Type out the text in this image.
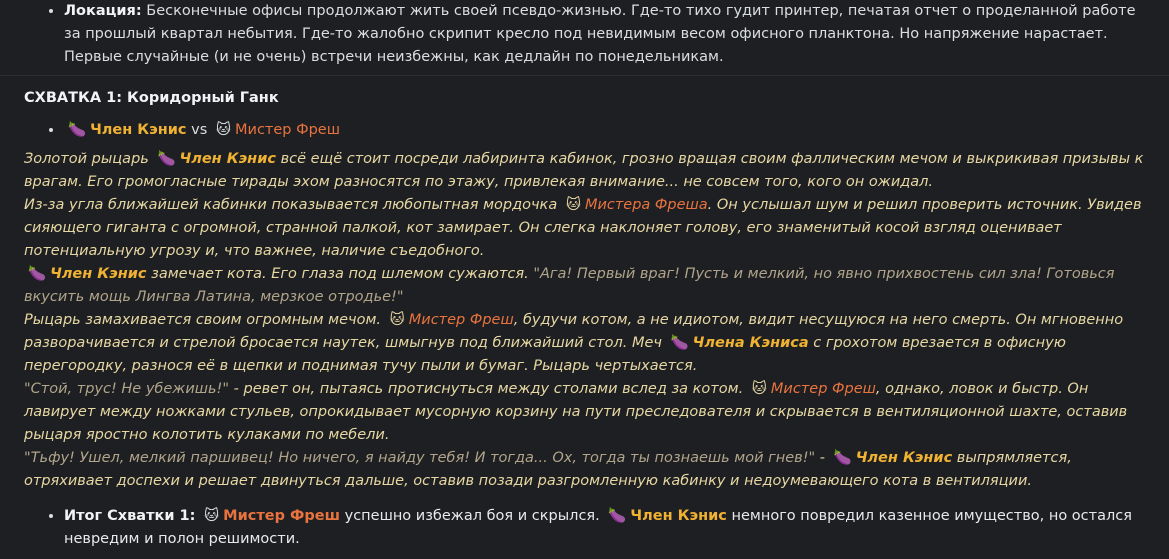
• Локация: Бесконечные офисы продолжают жить своей псевдо-жизнью. Где-то тихо гудит принтер, печатая отчет о проделанной работе за прошлый квартал небытия. Где-то жалобно скрипит кресло под невидимым весом офисного планктона. Но напряжение нарастает. Первые случайные (и не очень) встречи неизбежны, как дедлайн по понедельникам.
СХВАТКА 1: Коридорный Ганк
• 🍆 Член Кэнис vs 🐱 Мистер Фреш
Золотой рыцарь 🍆 Член Кэнис всё ещё стоит посреди лабиринта кабинок, грозно вращая своим фаллическим мечом и выкрикивая призывы к врагам. Его громогласные тирады эхом разносятся по этажу, привлекая внимание... не совсем того, кого он ожидал.
Из-за угла ближайшей кабинки показывается любопытная мордочка 🐱 Мистера Фреша. Он услышал шум и решил проверить источник. Увидев сияющего гиганта с огромной, странной палкой, кот замирает. Он слегка наклоняет голову, его знаменитый косой взгляд оценивает потенциальную угрозу и, что важнее, наличие съедобного.
🍆 Член Кэнис замечает кота. Его глаза под шлемом сужаются. "Ага! Первый враг! Пусть и мелкий, но явно прихвостень сил зла! Готовься вкусить мощь Лингва Латина, мерзкое отродье!"
Рыцарь замахивается своим огромным мечом. 🐱 Мистер Фреш, будучи котом, а не идиотом, видит несущуюся на него смерть. Он мгновенно разворачивается и стрелой бросается наутек, шмыгнув под ближайший стол. Меч 🍆 Члена Кэниса с грохотом врезается в офисную перегородку, разнося её в щепки и поднимая тучу пыли и бумаг. Рыцарь чертыхается.
"Стой, трус! Не убежишь!" - ревет он, пытаясь протиснуться между столами вслед за котом. 🐱 Мистер Фреш, однако, ловок и быстр. Он лавирует между ножками стульев, опрокидывает мусорную корзину на пути преследователя и скрывается в вентиляционной шахте, оставив рыцаря яростно колотить кулаками по мебели.
"Тьфу! Ушел, мелкий паршивец! Но ничего, я найду тебя! И тогда... Ох, тогда ты познаешь мой гнев!" - 🍆 Член Кэнис выпрямляется, отряхивает доспехи и решает двинуться дальше, оставив позади разгромленную кабинку и недоумевающего кота в вентиляции.
• Итог Схватки 1: 🐱 Мистер Фреш успешно избежал боя и скрылся. 🍆 Член Кэнис немного повредил казенное имущество, но остался невредим и полон решимости.
